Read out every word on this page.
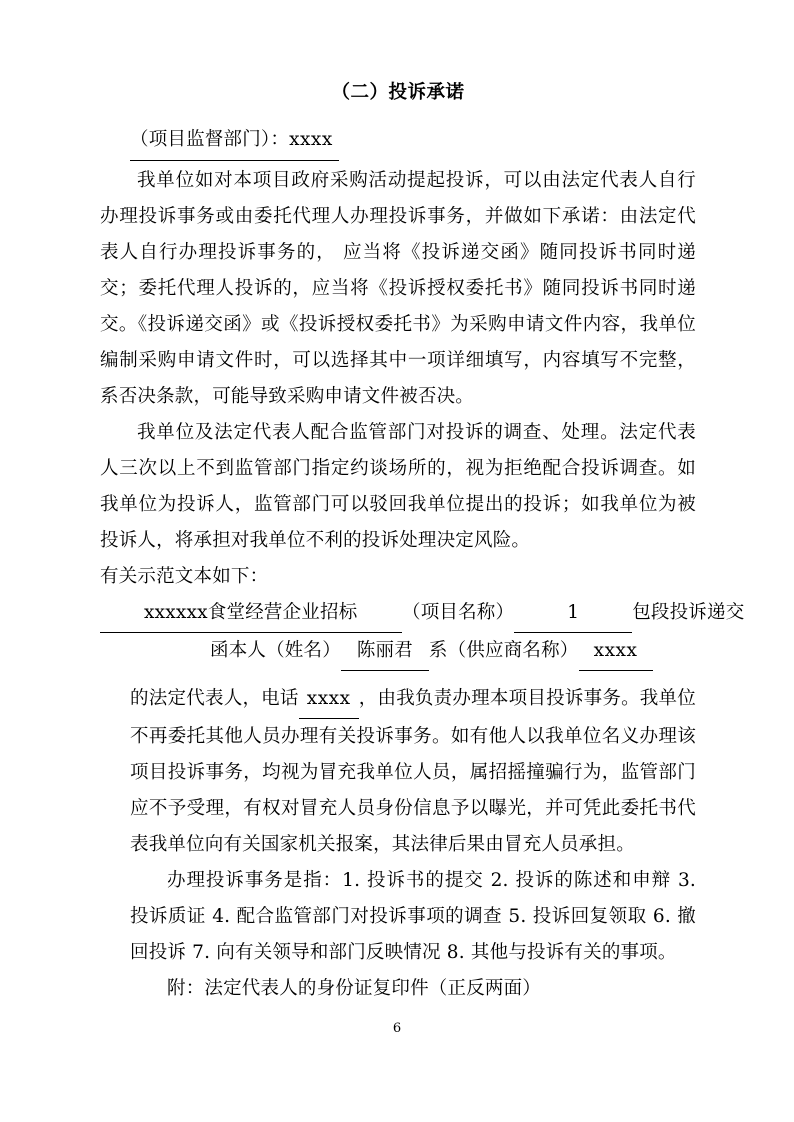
（二）投诉承诺
（项目监督部门）：xxxx

我单位如对本项目政府采购活动提起投诉，可以由法定代表人自行办理投诉事务或由委托代理人办理投诉事务，并做如下承诺：由法定代表人自行办理投诉事务的， 应当将《投诉递交函》随同投诉书同时递交；委托代理人投诉的，应当将《投诉授权委托书》随同投诉书同时递交。《投诉递交函》或《投诉授权委托书》为采购申请文件内容，我单位编制采购申请文件时，可以选择其中一项详细填写，内容填写不完整，系否决条款，可能导致采购申请文件被否决。

我单位及法定代表人配合监管部门对投诉的调查、处理。法定代表人三次以上不到监管部门指定约谈场所的，视为拒绝配合投诉调查。如我单位为投诉人，监管部门可以驳回我单位提出的投诉；如我单位为被投诉人，将承担对我单位不利的投诉处理决定风险。

有关示范文本如下：

xxxxxx食堂经营企业招标 （项目名称）	1	包段投诉递交
函本人（姓名） 陈丽君 系（供应商名称） xxxx
的法定代表人，电话 xxxx ，由我负责办理本项目投诉事务。我单位不再委托其他人员办理有关投诉事务。如有他人以我单位名义办理该项目投诉事务，均视为冒充我单位人员，属招摇撞骗行为，监管部门应不予受理，有权对冒充人员身份信息予以曝光，并可凭此委托书代表我单位向有关国家机关报案，其法律后果由冒充人员承担。

办理投诉事务是指：1. 投诉书的提交 2. 投诉的陈述和申辩 3. 投诉质证 4. 配合监管部门对投诉事项的调查 5. 投诉回复领取 6. 撤回投诉 7. 向有关领导和部门反映情况 8. 其他与投诉有关的事项。

附：法定代表人的身份证复印件（正反两面）

6
